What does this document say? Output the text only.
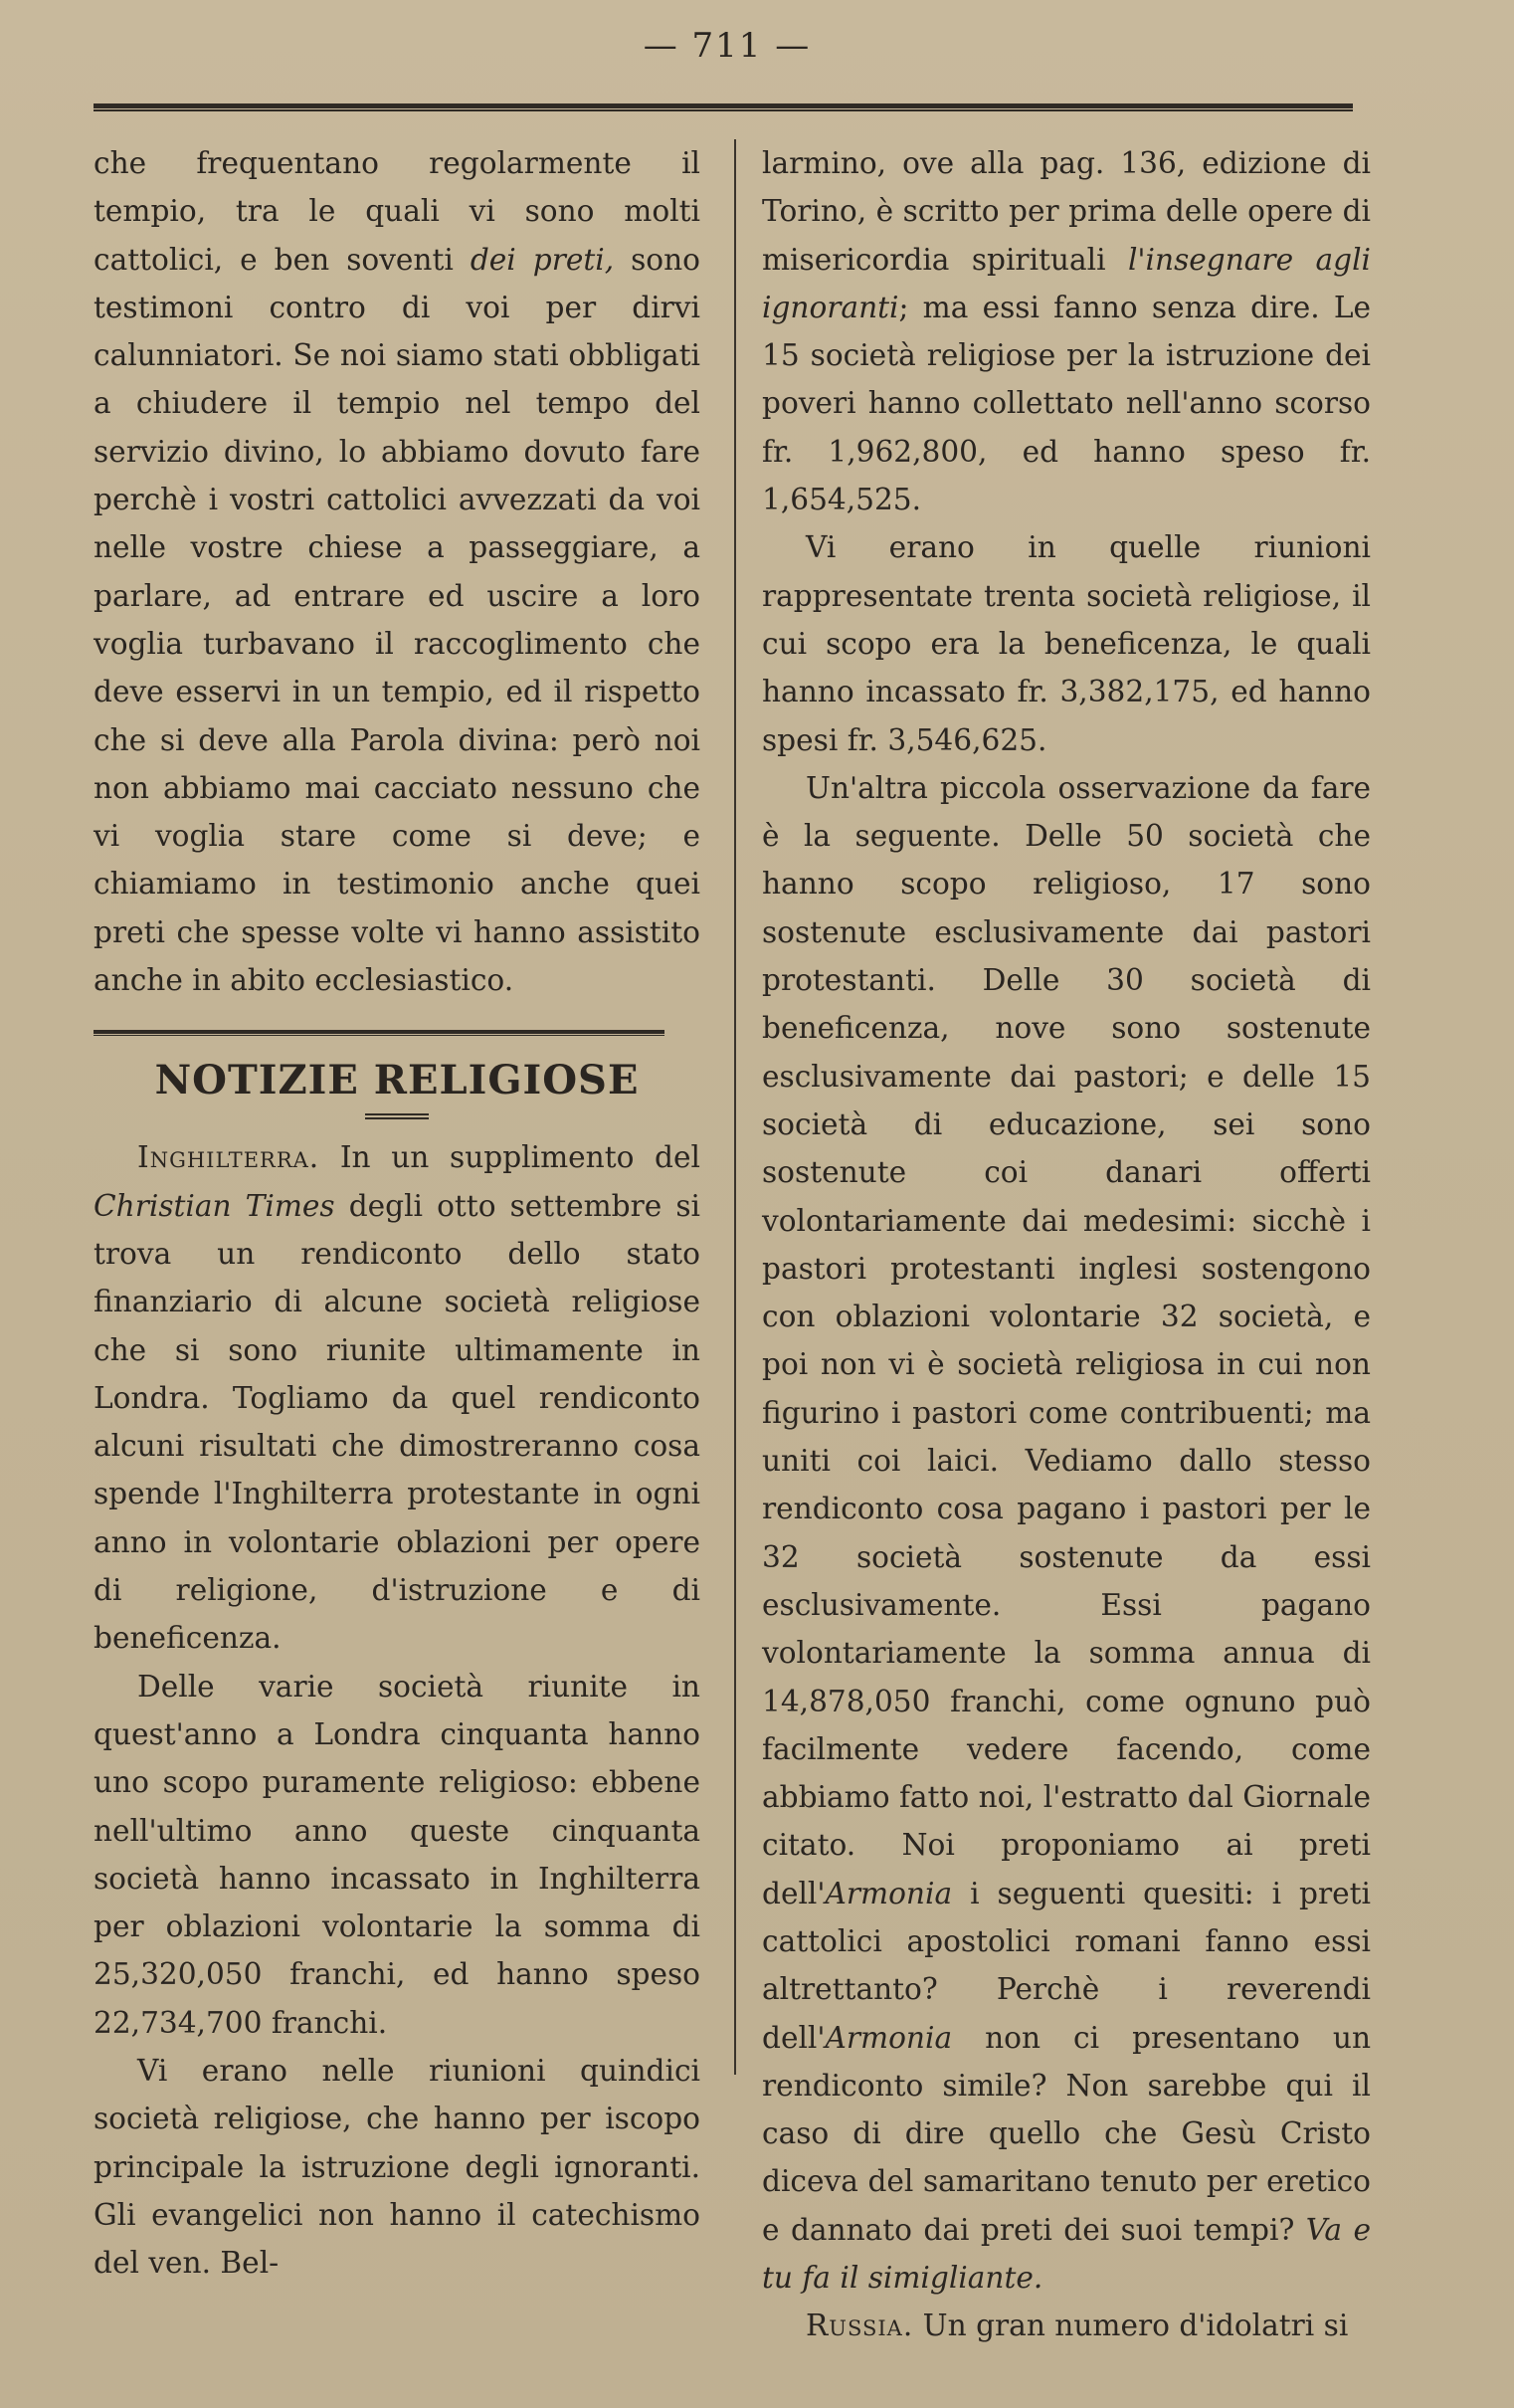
— 711 —

che frequentano regolarmente il tempio, tra le quali vi sono molti cattolici, e ben soventi dei preti, sono testimoni contro di voi per dirvi calunniatori. Se noi siamo stati obbligati a chiudere il tempio nel tempo del servizio divino, lo abbiamo dovuto fare perchè i vostri cattolici avvezzati da voi nelle vostre chiese a passeggiare, a parlare, ad entrare ed uscire a loro voglia turbavano il raccoglimento che deve esservi in un tempio, ed il rispetto che si deve alla Parola divina: però noi non abbiamo mai cacciato nessuno che vi voglia stare come si deve; e chiamiamo in testimonio anche quei preti che spesse volte vi hanno assistito anche in abito ecclesiastico.

NOTIZIE RELIGIOSE

Inghilterra. In un supplimento del Christian Times degli otto settembre si trova un rendiconto dello stato finanziario di alcune società religiose che si sono riunite ultimamente in Londra. Togliamo da quel rendiconto alcuni risultati che dimostreranno cosa spende l'Inghilterra protestante in ogni anno in volontarie oblazioni per opere di religione, d'istruzione e di beneficenza.

Delle varie società riunite in quest'anno a Londra cinquanta hanno uno scopo puramente religioso: ebbene nell'ultimo anno queste cinquanta società hanno incassato in Inghilterra per oblazioni volontarie la somma di 25,320,050 franchi, ed hanno speso 22,734,700 franchi.

Vi erano nelle riunioni quindici società religiose, che hanno per iscopo principale la istruzione degli ignoranti. Gli evangelici non hanno il catechismo del ven. Bel-

larmino, ove alla pag. 136, edizione di Torino, è scritto per prima delle opere di misericordia spirituali l'insegnare agli ignoranti; ma essi fanno senza dire. Le 15 società religiose per la istruzione dei poveri hanno collettato nell'anno scorso fr. 1,962,800, ed hanno speso fr. 1,654,525.

Vi erano in quelle riunioni rappresentate trenta società religiose, il cui scopo era la beneficenza, le quali hanno incassato fr. 3,382,175, ed hanno spesi fr. 3,546,625.

Un'altra piccola osservazione da fare è la seguente. Delle 50 società che hanno scopo religioso, 17 sono sostenute esclusivamente dai pastori protestanti. Delle 30 società di beneficenza, nove sono sostenute esclusivamente dai pastori; e delle 15 società di educazione, sei sono sostenute coi danari offerti volontariamente dai medesimi: sicchè i pastori protestanti inglesi sostengono con oblazioni volontarie 32 società, e poi non vi è società religiosa in cui non figurino i pastori come contribuenti; ma uniti coi laici. Vediamo dallo stesso rendiconto cosa pagano i pastori per le 32 società sostenute da essi esclusivamente. Essi pagano volontariamente la somma annua di 14,878,050 franchi, come ognuno può facilmente vedere facendo, come abbiamo fatto noi, l'estratto dal Giornale citato. Noi proponiamo ai preti dell'Armonia i seguenti quesiti: i preti cattolici apostolici romani fanno essi altrettanto? Perchè i reverendi dell'Armonia non ci presentano un rendiconto simile? Non sarebbe qui il caso di dire quello che Gesù Cristo diceva del samaritano tenuto per eretico e dannato dai preti dei suoi tempi? Va e tu fa il simigliante.

Russia. Un gran numero d'idolatri si
